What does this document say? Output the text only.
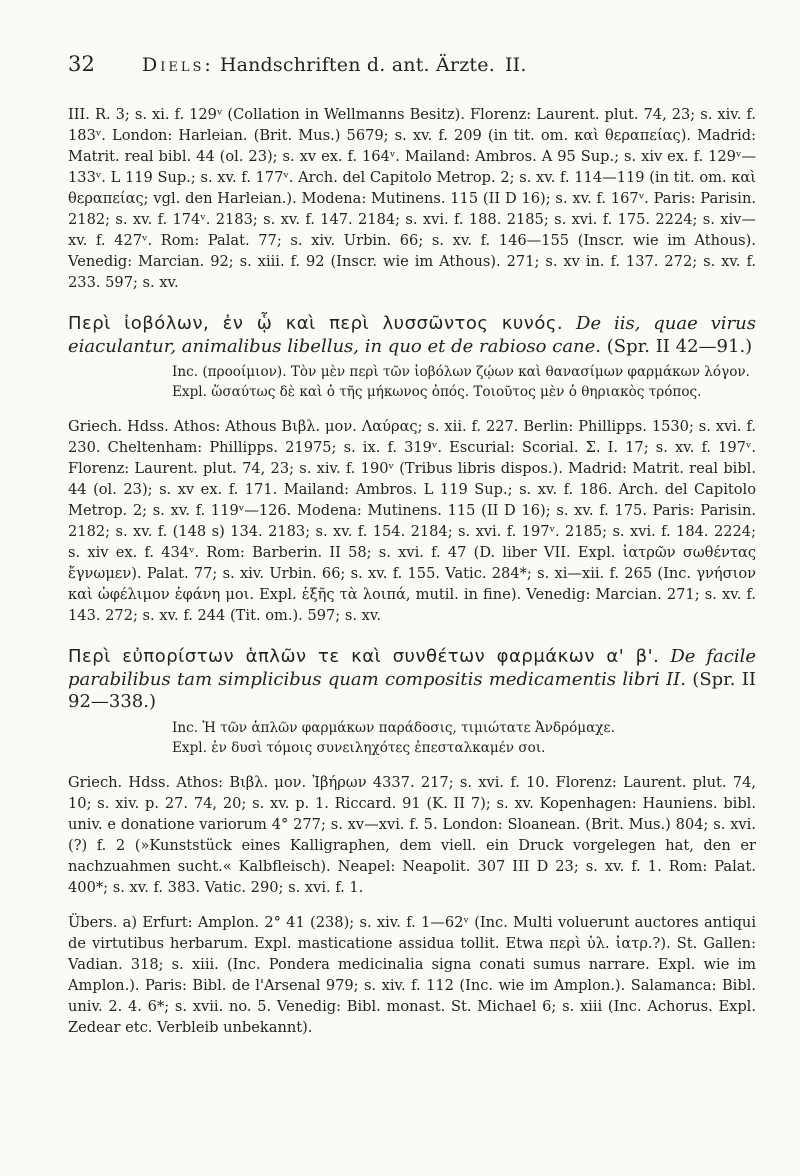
32	Diels: Handschriften d. ant. Ärzte. II.

III. R. 3; s. xi. f. 129ᵛ (Collation in Wellmanns Besitz). Florenz: Laurent. plut. 74, 23; s. xiv. f. 183ᵛ. London: Harleian. (Brit. Mus.) 5679; s. xv. f. 209 (in tit. om. καὶ θεραπείας). Madrid: Matrit. real bibl. 44 (ol. 23); s. xv ex. f. 164ᵛ. Mailand: Ambros. A 95 Sup.; s. xiv ex. f. 129ᵛ—133ᵛ. L 119 Sup.; s. xv. f. 177ᵛ. Arch. del Capitolo Metrop. 2; s. xv. f. 114—119 (in tit. om. καὶ θεραπείας; vgl. den Harleian.). Modena: Mutinens. 115 (II D 16); s. xv. f. 167ᵛ. Paris: Parisin. 2182; s. xv. f. 174ᵛ. 2183; s. xv. f. 147. 2184; s. xvi. f. 188. 2185; s. xvi. f. 175. 2224; s. xiv—xv. f. 427ᵛ. Rom: Palat. 77; s. xiv. Urbin. 66; s. xv. f. 146—155 (Inscr. wie im Athous). Venedig: Marcian. 92; s. xiii. f. 92 (Inscr. wie im Athous). 271; s. xv in. f. 137. 272; s. xv. f. 233. 597; s. xv.

Περὶ ἰοβόλων, ἐν ᾧ καὶ περὶ λυσσῶντος κυνός. De iis, quae virus eiaculantur, animalibus libellus, in quo et de rabioso cane. (Spr. II 42—91.)

Inc. (προοίμιον). Τὸν μὲν περὶ τῶν ἰοβόλων ζῴων καὶ θανασίμων φαρμάκων λόγον.

Expl. ὥσαύτως δὲ καὶ ὁ τῆς μήκωνος ὀπός. Τοιοῦτος μὲν ὁ θηριακὸς τρόπος.

Griech. Hdss. Athos: Athous Βιβλ. μον. Λαύρας; s. xii. f. 227. Berlin: Phillipps. 1530; s. xvi. f. 230. Cheltenham: Phillipps. 21975; s. ix. f. 319ᵛ. Escurial: Scorial. Σ. I. 17; s. xv. f. 197ᵛ. Florenz: Laurent. plut. 74, 23; s. xiv. f. 190ᵛ (Tribus libris dispos.). Madrid: Matrit. real bibl. 44 (ol. 23); s. xv ex. f. 171. Mailand: Ambros. L 119 Sup.; s. xv. f. 186. Arch. del Capitolo Metrop. 2; s. xv. f. 119ᵛ—126. Modena: Mutinens. 115 (II D 16); s. xv. f. 175. Paris: Parisin. 2182; s. xv. f. (148 s) 134. 2183; s. xv. f. 154. 2184; s. xvi. f. 197ᵛ. 2185; s. xvi. f. 184. 2224; s. xiv ex. f. 434ᵛ. Rom: Barberin. II 58; s. xvi. f. 47 (D. liber VII. Expl. ἰατρῶν σωθέντας ἔγνωμεν). Palat. 77; s. xiv. Urbin. 66; s. xv. f. 155. Vatic. 284*; s. xi—xii. f. 265 (Inc. γνήσιον καὶ ὠφέλιμον ἐφάνη μοι. Expl. ἑξῆς τὰ λοιπά, mutil. in fine). Venedig: Marcian. 271; s. xv. f. 143. 272; s. xv. f. 244 (Tit. om.). 597; s. xv.

Περὶ εὐπορίστων ἁπλῶν τε καὶ συνθέτων φαρμάκων α' β'. De facile parabilibus tam simplicibus quam compositis medicamentis libri II. (Spr. II 92—338.)

Inc. Ἡ τῶν ἁπλῶν φαρμάκων παράδοσις, τιμιώτατε Ἀνδρόμαχε.

Expl. ἐν δυσὶ τόμοις συνειληχότες ἐπεσταλκαμέν σοι.

Griech. Hdss. Athos: Βιβλ. μον. Ἰβήρων 4337. 217; s. xvi. f. 10. Florenz: Laurent. plut. 74, 10; s. xiv. p. 27. 74, 20; s. xv. p. 1. Riccard. 91 (K. II 7); s. xv. Kopenhagen: Hauniens. bibl. univ. e donatione variorum 4° 277; s. xv—xvi. f. 5. London: Sloanean. (Brit. Mus.) 804; s. xvi. (?) f. 2 (»Kunststück eines Kalligraphen, dem viell. ein Druck vorgelegen hat, den er nachzuahmen sucht.« Kalbfleisch). Neapel: Neapolit. 307 III D 23; s. xv. f. 1. Rom: Palat. 400*; s. xv. f. 383. Vatic. 290; s. xvi. f. 1.

Übers. a) Erfurt: Amplon. 2° 41 (238); s. xiv. f. 1—62ᵛ (Inc. Multi voluerunt auctores antiqui de virtutibus herbarum. Expl. masticatione assidua tollit. Etwa περὶ ὑλ. ἰατρ.?). St. Gallen: Vadian. 318; s. xiii. (Inc. Pondera medicinalia signa conati sumus narrare. Expl. wie im Amplon.). Paris: Bibl. de l'Arsenal 979; s. xiv. f. 112 (Inc. wie im Amplon.). Salamanca: Bibl. univ. 2. 4. 6*; s. xvii. no. 5. Venedig: Bibl. monast. St. Michael 6; s. xiii (Inc. Achorus. Expl. Zedear etc. Verbleib unbekannt).
